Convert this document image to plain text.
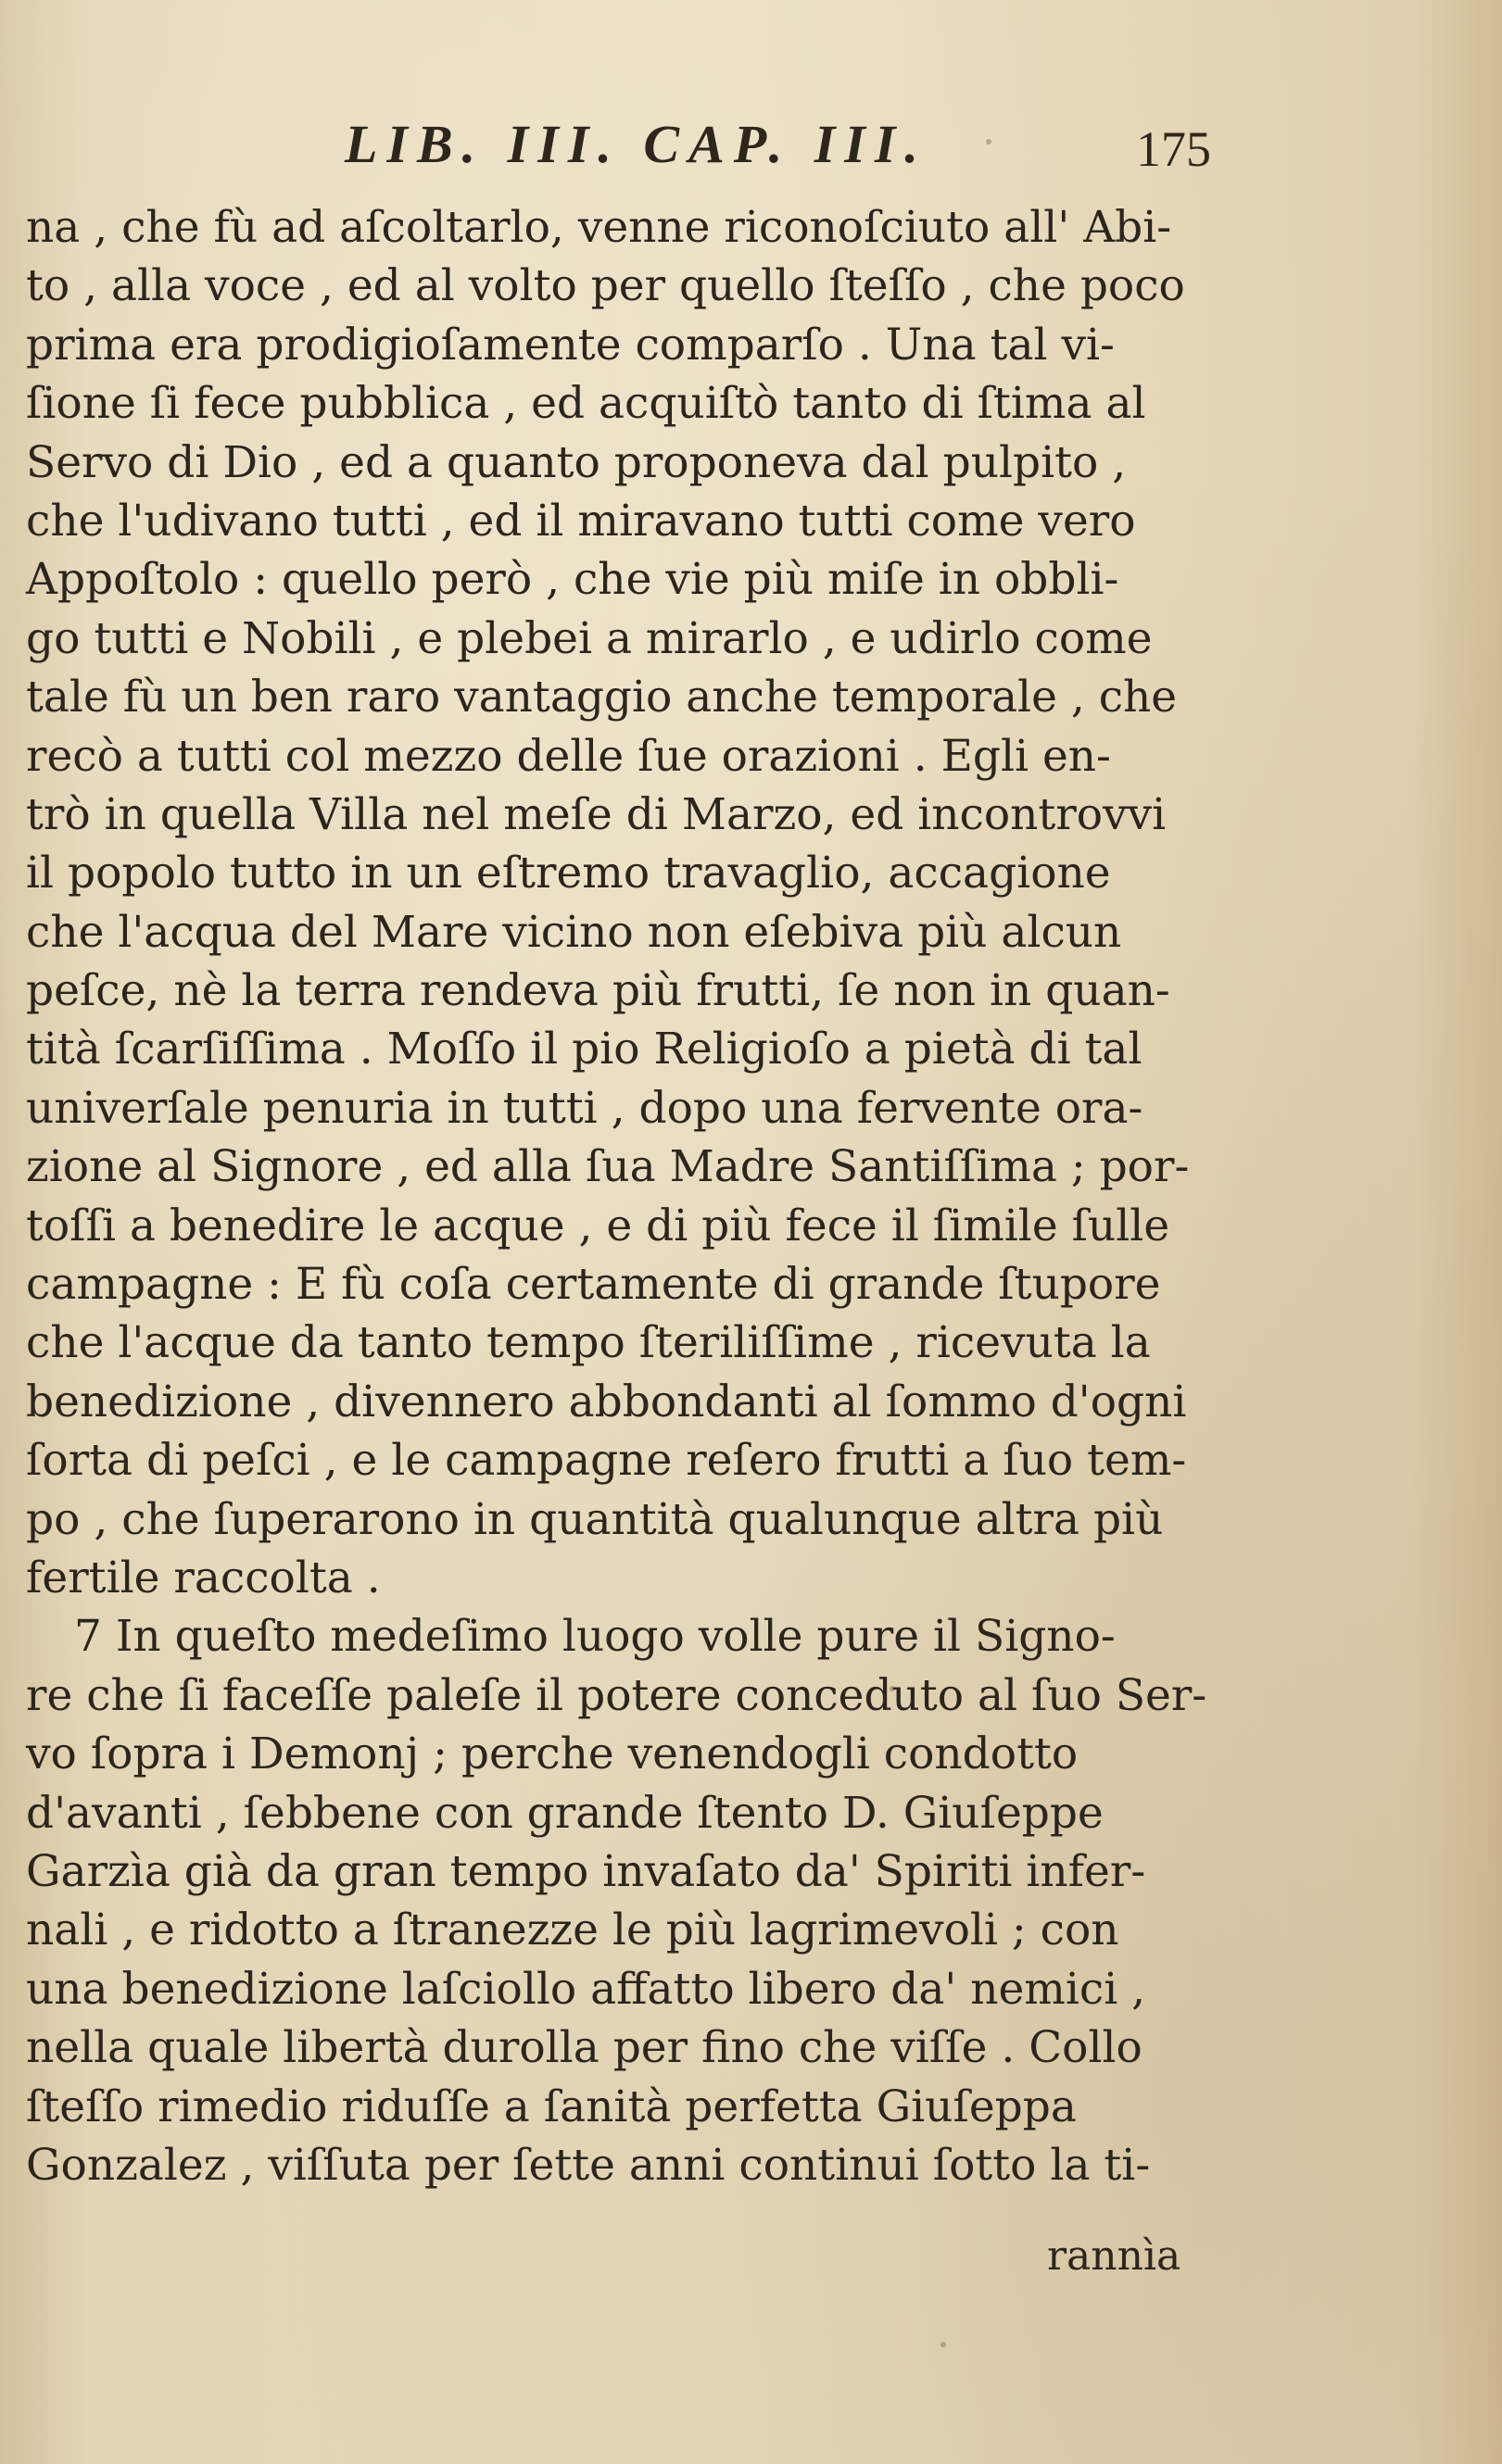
LIB. III. CAP. III.	175
na , che fù ad aſcoltarlo, venne riconoſciuto all' Abi-
to , alla voce , ed al volto per quello ſteſſo , che poco
prima era prodigioſamente comparſo . Una tal vi-
ſione ſi fece pubblica , ed acquiſtò tanto di ſtima al
Servo di Dio , ed a quanto proponeva dal pulpito ,
che l'udivano tutti , ed il miravano tutti come vero
Appoſtolo : quello però , che vie più miſe in obbli-
go tutti e Nobili , e plebei a mirarlo , e udirlo come
tale fù un ben raro vantaggio anche temporale , che
recò a tutti col mezzo delle ſue orazioni . Egli en-
trò in quella Villa nel meſe di Marzo, ed incontrovvi
il popolo tutto in un eſtremo travaglio, accagione
che l'acqua del Mare vicino non eſebiva più alcun
peſce, nè la terra rendeva più frutti, ſe non in quan-
tità ſcarſiſſima . Moſſo il pio Religioſo a pietà di tal
univerſale penuria in tutti , dopo una fervente ora-
zione al Signore , ed alla ſua Madre Santiſſima ; por-
toſſi a benedire le acque , e di più fece il ſimile ſulle
campagne : E fù coſa certamente di grande ſtupore
che l'acque da tanto tempo ſteriliſſime , ricevuta la
benedizione , divennero abbondanti al ſommo d'ogni
ſorta di peſci , e le campagne reſero frutti a ſuo tem-
po , che ſuperarono in quantità qualunque altra più
fertile raccolta .
7 In queſto medeſimo luogo volle pure il Signo-
re che ſi faceſſe paleſe il potere conceduto al ſuo Ser-
vo ſopra i Demonj ; perche venendogli condotto
d'avanti , ſebbene con grande ſtento D. Giuſeppe
Garzìa già da gran tempo invaſato da' Spiriti infer-
nali , e ridotto a ſtranezze le più lagrimevoli ; con
una benedizione laſciollo affatto libero da' nemici ,
nella quale libertà durolla per fino che viſſe . Collo
ſteſſo rimedio riduſſe a ſanità perfetta Giuſeppa
Gonzalez , viſſuta per ſette anni continui ſotto la ti-
rannìa
